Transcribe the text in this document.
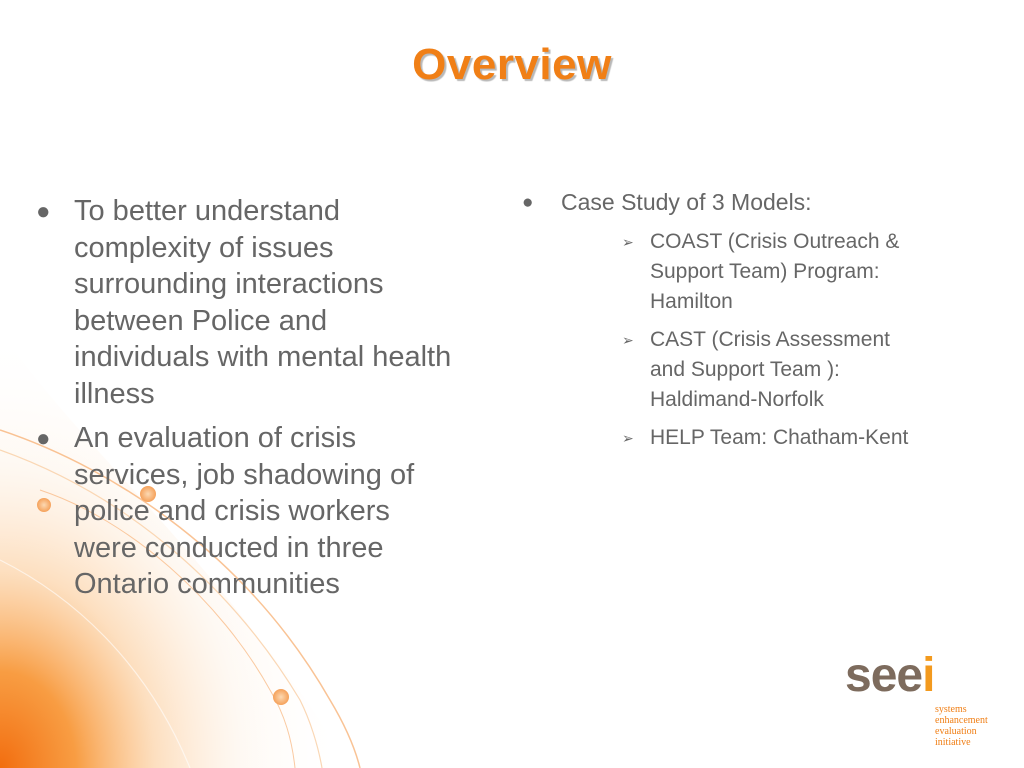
Overview
● To better understand complexity of issues surrounding interactions between Police and individuals with mental health illness
● An evaluation of crisis services, job shadowing of police and crisis workers were conducted in three Ontario communities
●	Case Study of 3 Models:
➢ COAST (Crisis Outreach & Support Team) Program: Hamilton
➢ CAST (Crisis Assessment and Support Team ): Haldimand-Norfolk
➢ HELP Team: Chatham-Kent
seei
systems
enhancement
evaluation
initiative
